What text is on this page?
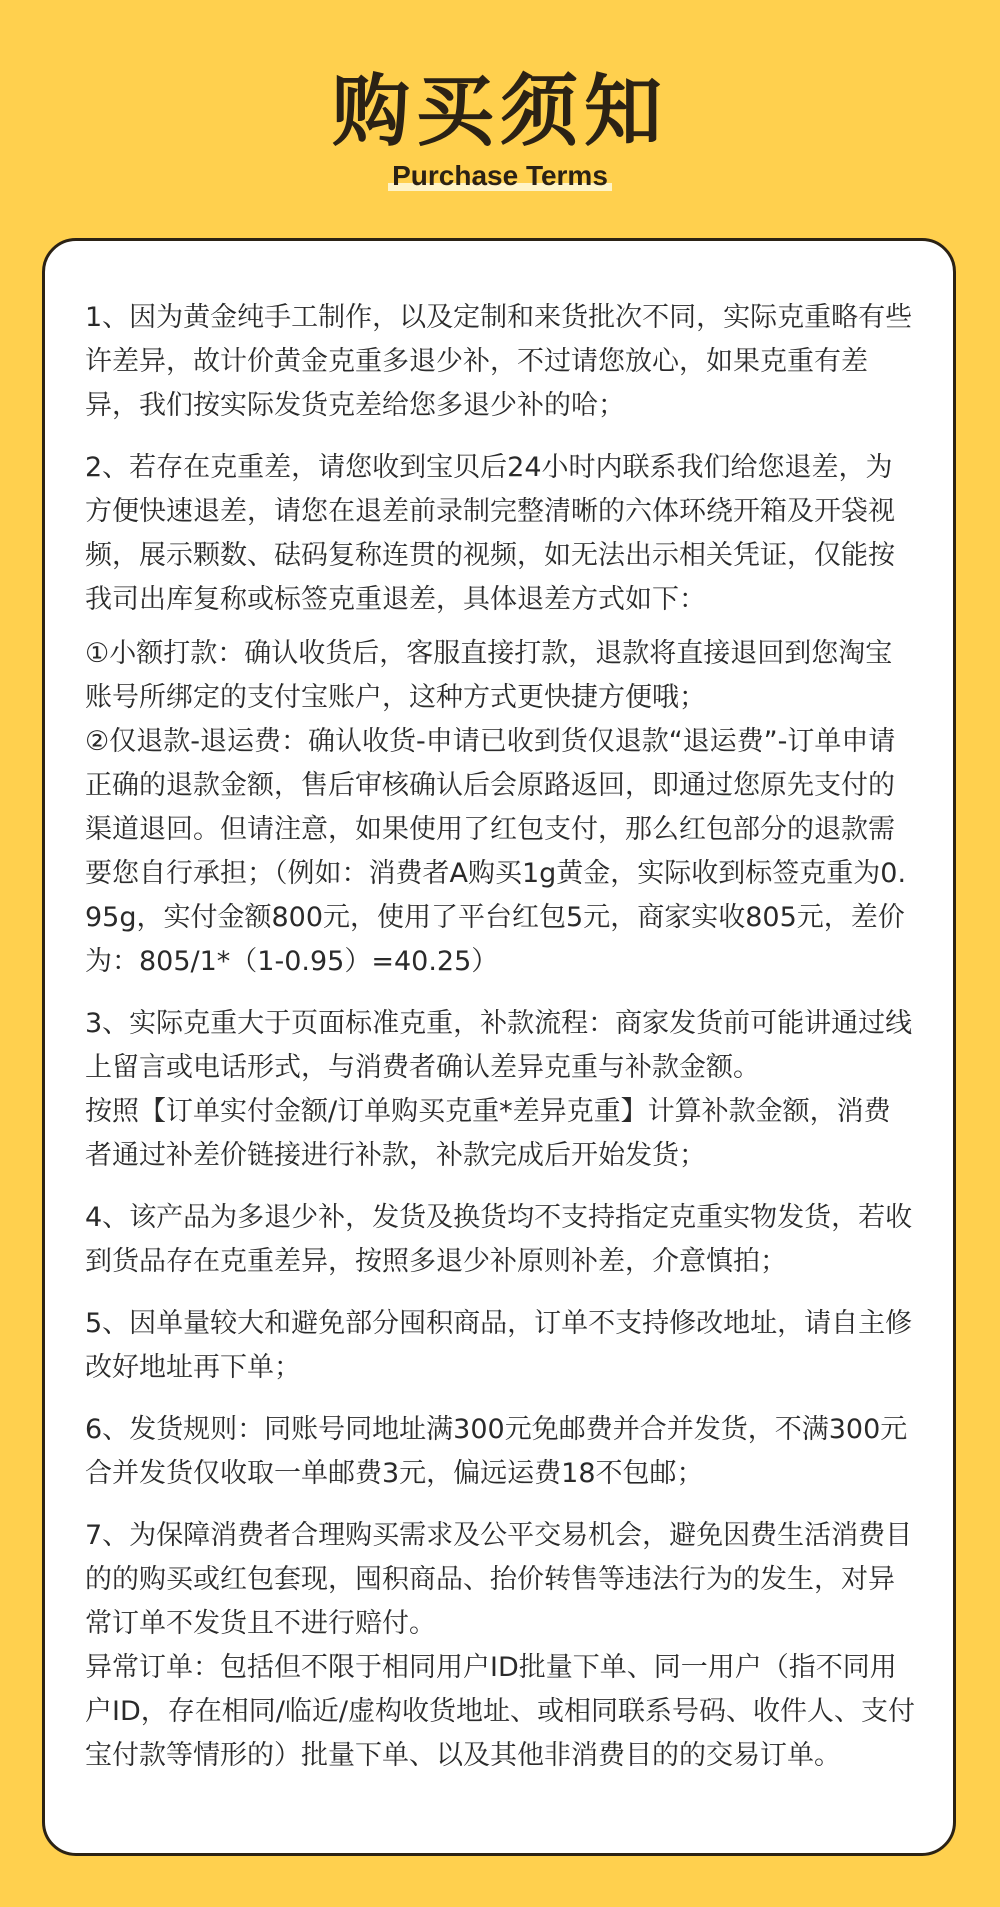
购买须知
Purchase Terms

1、因为黄金纯手工制作，以及定制和来货批次不同，实际克重略有些许差异，故计价黄金克重多退少补，不过请您放心，如果克重有差异，我们按实际发货克差给您多退少补的哈；

2、若存在克重差，请您收到宝贝后24小时内联系我们给您退差，为方便快速退差，请您在退差前录制完整清晰的六体环绕开箱及开袋视频，展示颗数、砝码复称连贯的视频，如无法出示相关凭证，仅能按我司出库复称或标签克重退差，具体退差方式如下：

①小额打款：确认收货后，客服直接打款，退款将直接退回到您淘宝账号所绑定的支付宝账户，这种方式更快捷方便哦；

②仅退款-退运费：确认收货-申请已收到货仅退款“退运费”-订单申请正确的退款金额，售后审核确认后会原路返回，即通过您原先支付的渠道退回。但请注意，如果使用了红包支付，那么红包部分的退款需要您自行承担；（例如：消费者A购买1g黄金，实际收到标签克重为0.95g，实付金额800元，使用了平台红包5元，商家实收805元，差价为：805/1*（1-0.95）=40.25）

3、实际克重大于页面标准克重，补款流程：商家发货前可能讲通过线上留言或电话形式，与消费者确认差异克重与补款金额。

按照【订单实付金额/订单购买克重*差异克重】计算补款金额，消费者通过补差价链接进行补款，补款完成后开始发货；

4、该产品为多退少补，发货及换货均不支持指定克重实物发货，若收到货品存在克重差异，按照多退少补原则补差，介意慎拍；

5、因单量较大和避免部分囤积商品，订单不支持修改地址，请自主修改好地址再下单；

6、发货规则：同账号同地址满300元免邮费并合并发货，不满300元合并发货仅收取一单邮费3元，偏远运费18不包邮；

7、为保障消费者合理购买需求及公平交易机会，避免因费生活消费目的的购买或红包套现，囤积商品、抬价转售等违法行为的发生，对异常订单不发货且不进行赔付。

异常订单：包括但不限于相同用户ID批量下单、同一用户（指不同用户ID，存在相同/临近/虚构收货地址、或相同联系号码、收件人、支付宝付款等情形的）批量下单、以及其他非消费目的的交易订单。
